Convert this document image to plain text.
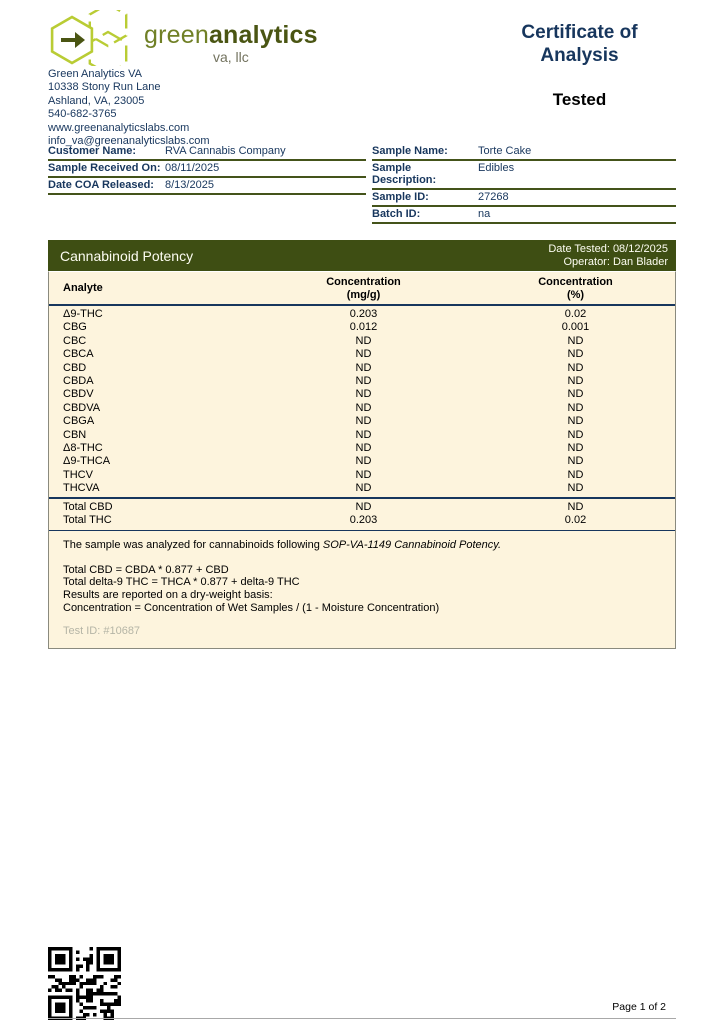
greenanalytics
va, llc
Green Analytics VA
10338 Stony Run Lane
Ashland, VA, 23005
540-682-3765
www.greenanalyticslabs.com
info_va@greenanalyticslabs.com
Certificate of Analysis
Tested
Customer Name:	RVA Cannabis Company
Sample Received On: 08/11/2025
Date COA Released:	8/13/2025
Sample Name:	Torte Cake
Sample Description:
Edibles
Sample ID:	27268
Batch ID:	na
Cannabinoid Potency	Date Tested: 08/12/2025
Operator: Dan Blader
Analyte
Concentration
(mg/g)
Concentration
(%)
Δ9-THC	0.203	0.02
CBG	0.012	0.001
CBC	ND	ND
CBCA	ND	ND
CBD	ND	ND
CBDA	ND	ND
CBDV	ND	ND
CBDVA	ND	ND
CBGA	ND	ND
CBN	ND	ND
Δ8-THC	ND	ND
Δ9-THCA	ND	ND
THCV	ND	ND
THCVA	ND	ND
Total CBD	ND	ND
Total THC	0.203	0.02
The sample was analyzed for cannabinoids following SOP-VA-1149 Cannabinoid Potency.
Total CBD = CBDA * 0.877 + CBD
Total delta-9 THC = THCA * 0.877 + delta-9 THC
Results are reported on a dry-weight basis:
Concentration = Concentration of Wet Samples / (1 - Moisture Concentration)
Test ID: #10687
Page 1 of 2
